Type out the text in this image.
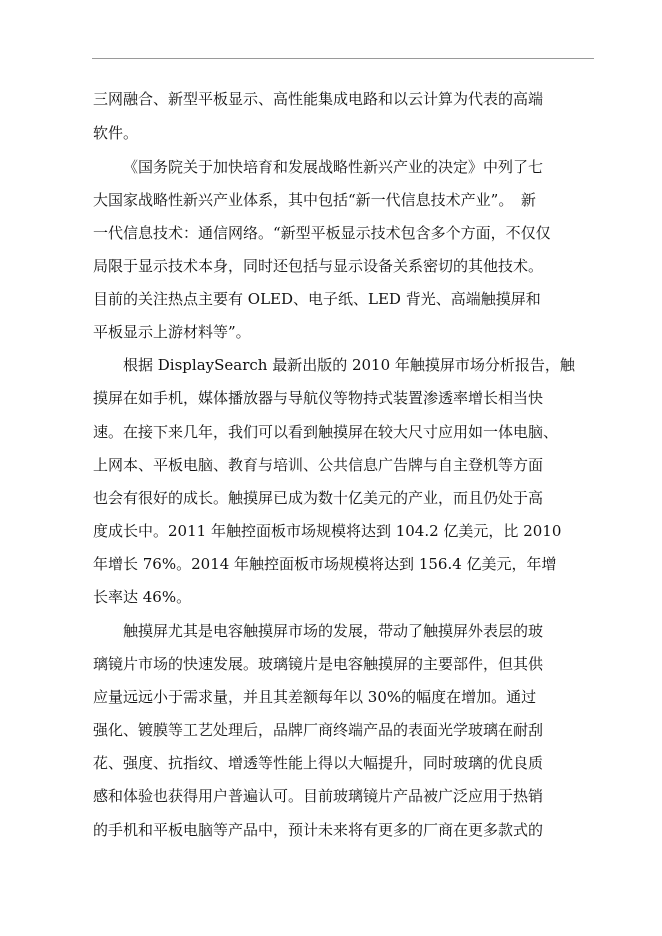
三网融合、新型平板显示、高性能集成电路和以云计算为代表的高端
软件。
《国务院关于加快培育和发展战略性新兴产业的决定》中列了七
大国家战略性新兴产业体系，其中包括“新一代信息技术产业”。　新
一代信息技术：通信网络。“新型平板显示技术包含多个方面，不仅仅
局限于显示技术本身，同时还包括与显示设备关系密切的其他技术。
目前的关注热点主要有 OLED、电子纸、LED 背光、高端触摸屏和
平板显示上游材料等”。
根据 DisplaySearch 最新出版的 2010 年触摸屏市场分析报告，触
摸屏在如手机，媒体播放器与导航仪等物持式装置渗透率增长相当快
速。在接下来几年，我们可以看到触摸屏在较大尺寸应用如一体电脑、
上网本、平板电脑、教育与培训、公共信息广告牌与自主登机等方面
也会有很好的成长。触摸屏已成为数十亿美元的产业，而且仍处于高
度成长中。2011 年触控面板市场规模将达到 104.2 亿美元，比 2010
年增长 76%。2014 年触控面板市场规模将达到 156.4 亿美元，年增
长率达 46%。
触摸屏尤其是电容触摸屏市场的发展，带动了触摸屏外表层的玻
璃镜片市场的快速发展。玻璃镜片是电容触摸屏的主要部件，但其供
应量远远小于需求量，并且其差额每年以 30%的幅度在增加。通过
强化、镀膜等工艺处理后，品牌厂商终端产品的表面光学玻璃在耐刮
花、强度、抗指纹、增透等性能上得以大幅提升，同时玻璃的优良质
感和体验也获得用户普遍认可。目前玻璃镜片产品被广泛应用于热销
的手机和平板电脑等产品中，预计未来将有更多的厂商在更多款式的
